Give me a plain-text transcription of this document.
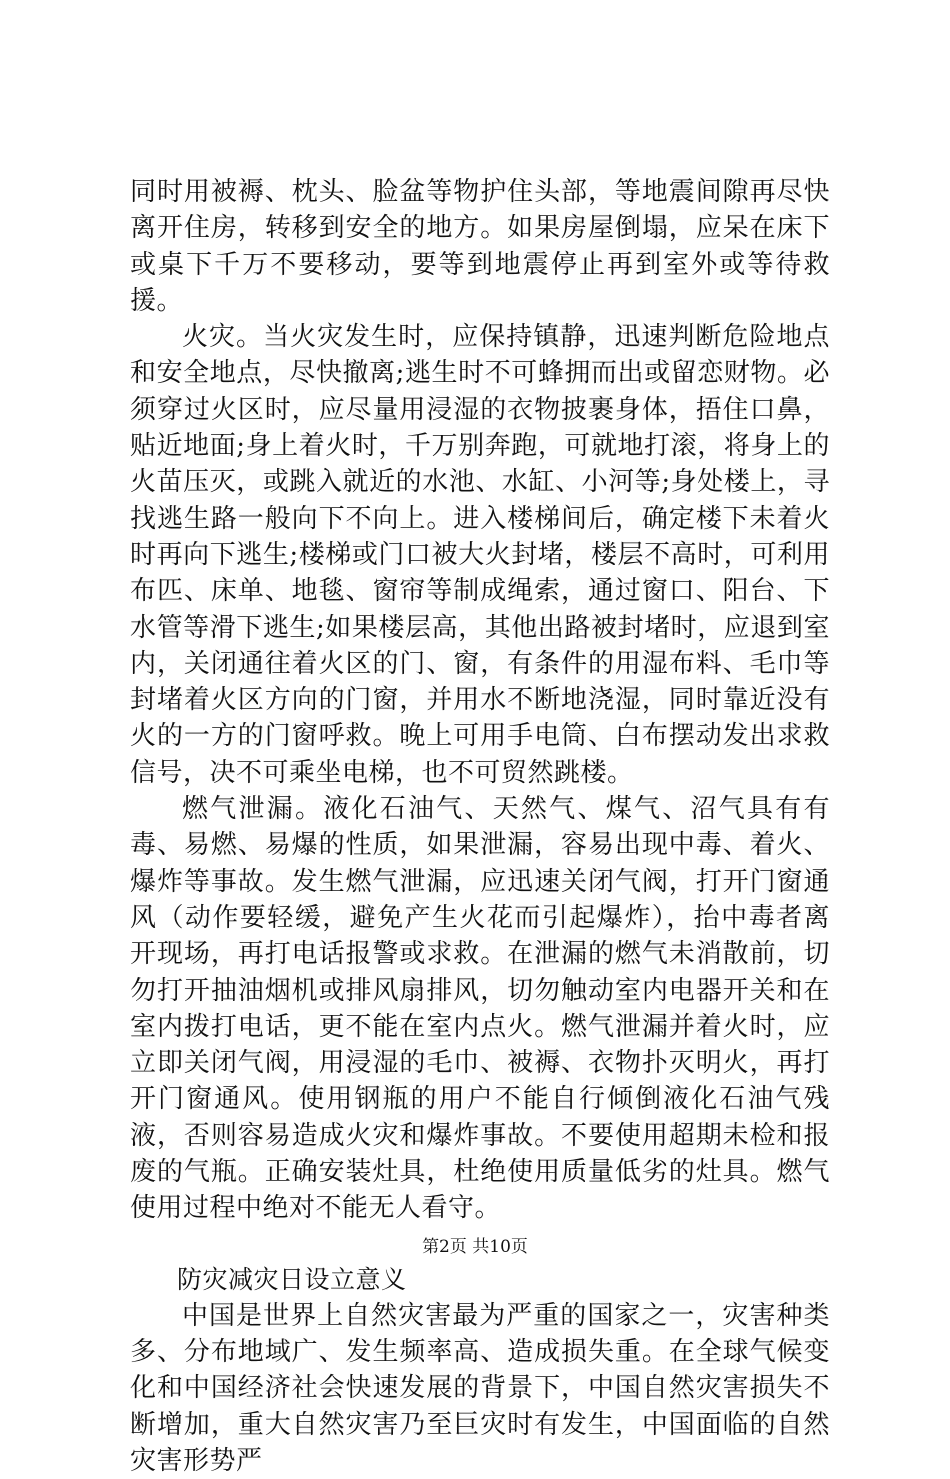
同时用被褥、枕头、脸盆等物护住头部，等地震间隙再尽快离开住房，转移到安全的地方。如果房屋倒塌，应呆在床下或桌下千万不要移动，要等到地震停止再到室外或等待救援。

火灾。当火灾发生时，应保持镇静，迅速判断危险地点和安全地点，尽快撤离;逃生时不可蜂拥而出或留恋财物。必须穿过火区时，应尽量用浸湿的衣物披裹身体，捂住口鼻，贴近地面;身上着火时，千万别奔跑，可就地打滚，将身上的火苗压灭，或跳入就近的水池、水缸、小河等;身处楼上，寻找逃生路一般向下不向上。进入楼梯间后，确定楼下未着火时再向下逃生;楼梯或门口被大火封堵，楼层不高时，可利用布匹、床单、地毯、窗帘等制成绳索，通过窗口、阳台、下水管等滑下逃生;如果楼层高，其他出路被封堵时，应退到室内，关闭通往着火区的门、窗，有条件的用湿布料、毛巾等封堵着火区方向的门窗，并用水不断地浇湿，同时靠近没有火的一方的门窗呼救。晚上可用手电筒、白布摆动发出求救信号，决不可乘坐电梯，也不可贸然跳楼。

燃气泄漏。液化石油气、天然气、煤气、沼气具有有毒、易燃、易爆的性质，如果泄漏，容易出现中毒、着火、爆炸等事故。发生燃气泄漏，应迅速关闭气阀，打开门窗通风（动作要轻缓，避免产生火花而引起爆炸），抬中毒者离开现场，再打电话报警或求救。在泄漏的燃气未消散前，切勿打开抽油烟机或排风扇排风，切勿触动室内电器开关和在室内拨打电话，更不能在室内点火。燃气泄漏并着火时，应立即关闭气阀，用浸湿的毛巾、被褥、衣物扑灭明火，再打开门窗通风。使用钢瓶的用户不能自行倾倒液化石油气残液，否则容易造成火灾和爆炸事故。不要使用超期未检和报废的气瓶。正确安装灶具，杜绝使用质量低劣的灶具。燃气使用过程中绝对不能无人看守。

防灾减灾日设立意义

中国是世界上自然灾害最为严重的国家之一，灾害种类多、分布地域广、发生频率高、造成损失重。在全球气候变化和中国经济社会快速发展的背景下，中国自然灾害损失不断增加，重大自然灾害乃至巨灾时有发生，中国面临的自然灾害形势严

第2页 共10页
